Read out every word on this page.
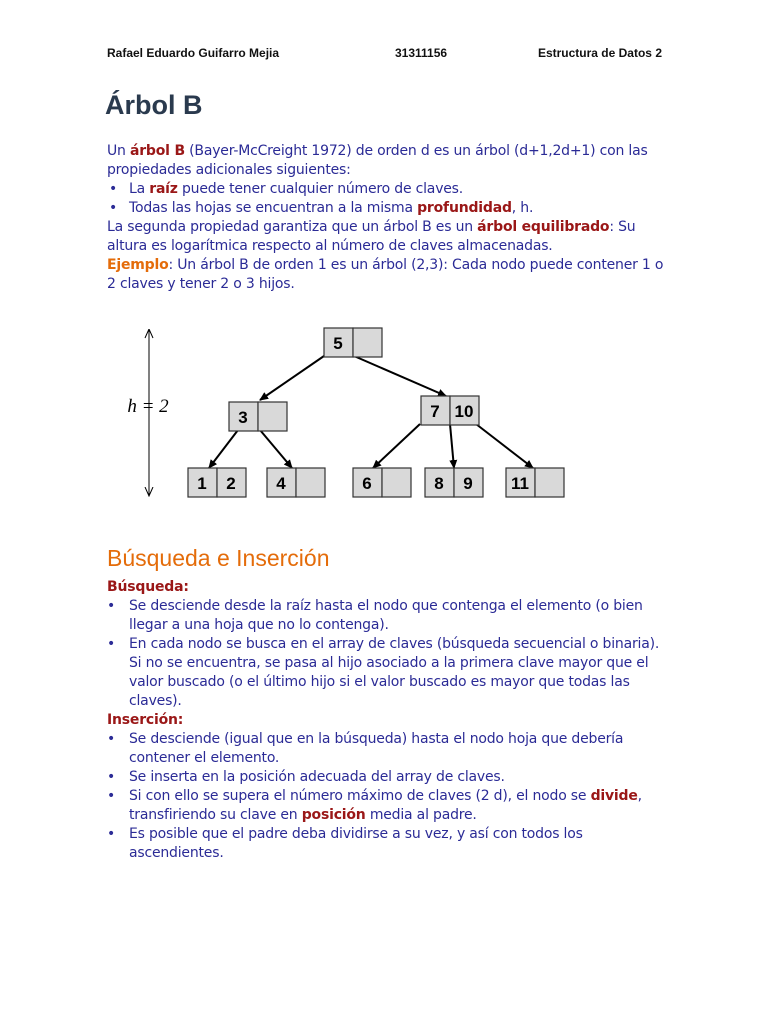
Rafael Eduardo Guifarro Mejia	31311156	Estructura de Datos 2
Árbol B
Un árbol B (Bayer-McCreight 1972) de orden d es un árbol (d+1,2d+1) con las propiedades adicionales siguientes:
• La raíz puede tener cualquier número de claves.
• Todas las hojas se encuentran a la misma profundidad, h.
La segunda propiedad garantiza que un árbol B es un árbol equilibrado: Su altura es logarítmica respecto al número de claves almacenadas.
Ejemplo: Un árbol B de orden 1 es un árbol (2,3): Cada nodo puede contener 1 o 2 claves y tener 2 o 3 hijos.
h = 2
5
3	7 10
1 2 4	6	8 9 11
Búsqueda e Inserción
Búsqueda:
• Se desciende desde la raíz hasta el nodo que contenga el elemento (o bien llegar a una hoja que no lo contenga).
• En cada nodo se busca en el array de claves (búsqueda secuencial o binaria). Si no se encuentra, se pasa al hijo asociado a la primera clave mayor que el valor buscado (o el último hijo si el valor buscado es mayor que todas las claves).
Inserción:
• Se desciende (igual que en la búsqueda) hasta el nodo hoja que debería contener el elemento.
• Se inserta en la posición adecuada del array de claves.
• Si con ello se supera el número máximo de claves (2 d), el nodo se divide, transfiriendo su clave en posición media al padre.
• Es posible que el padre deba dividirse a su vez, y así con todos los ascendientes.
